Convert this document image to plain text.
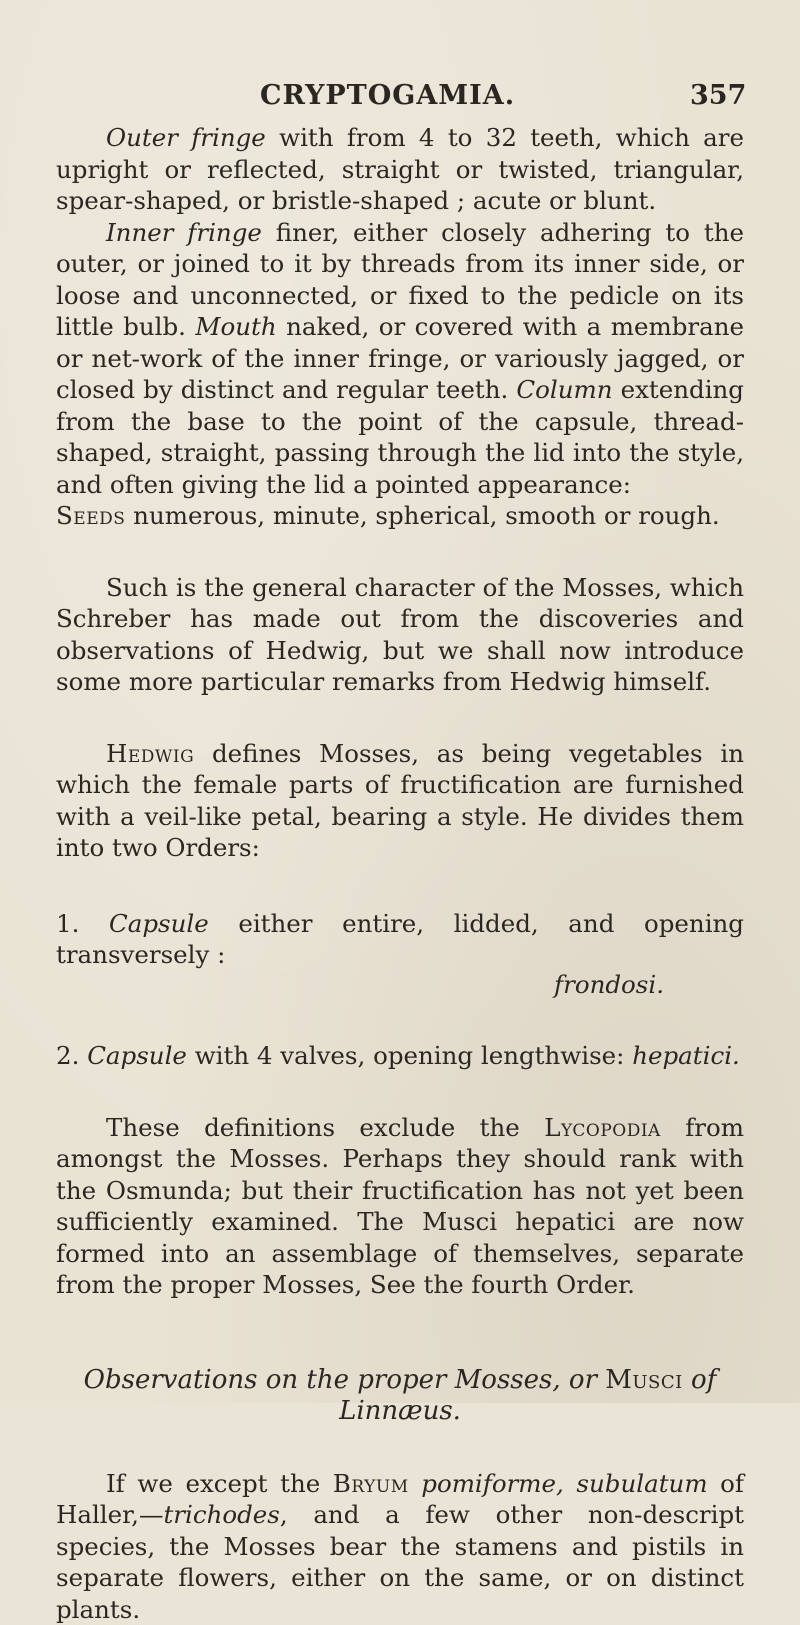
CRYPTOGAMIA.	357

Outer fringe with from 4 to 32 teeth, which are upright or reflected, straight or twisted, triangular, spear-shaped, or bristle-shaped ; acute or blunt.

Inner fringe finer, either closely adhering to the outer, or joined to it by threads from its inner side, or loose and unconnected, or fixed to the pedicle on its little bulb. Mouth naked, or covered with a membrane or net-work of the inner fringe, or variously jagged, or closed by distinct and regular teeth. Column extending from the base to the point of the capsule, thread-shaped, straight, passing through the lid into the style, and often giving the lid a pointed appearance:

Seeds numerous, minute, spherical, smooth or rough.

Such is the general character of the Mosses, which Schreber has made out from the discoveries and observations of Hedwig, but we shall now introduce some more particular remarks from Hedwig himself.

Hedwig defines Mosses, as being vegetables in which the female parts of fructification are furnished with a veil-like petal, bearing a style. He divides them into two Orders:

1. Capsule either entire, lidded, and opening transversely :
frondosi.

2. Capsule with 4 valves, opening lengthwise: hepatici.

These definitions exclude the Lycopodia from amongst the Mosses. Perhaps they should rank with the Osmunda; but their fructification has not yet been sufficiently examined. The Musci hepatici are now formed into an assemblage of themselves, separate from the proper Mosses, See the fourth Order.

Observations on the proper Mosses, or Musci of Linnæus.

If we except the Bryum pomiforme, subulatum of Haller,—trichodes, and a few other non-descript species, the Mosses bear the stamens and pistils in separate flowers, either on the same, or on distinct plants.
